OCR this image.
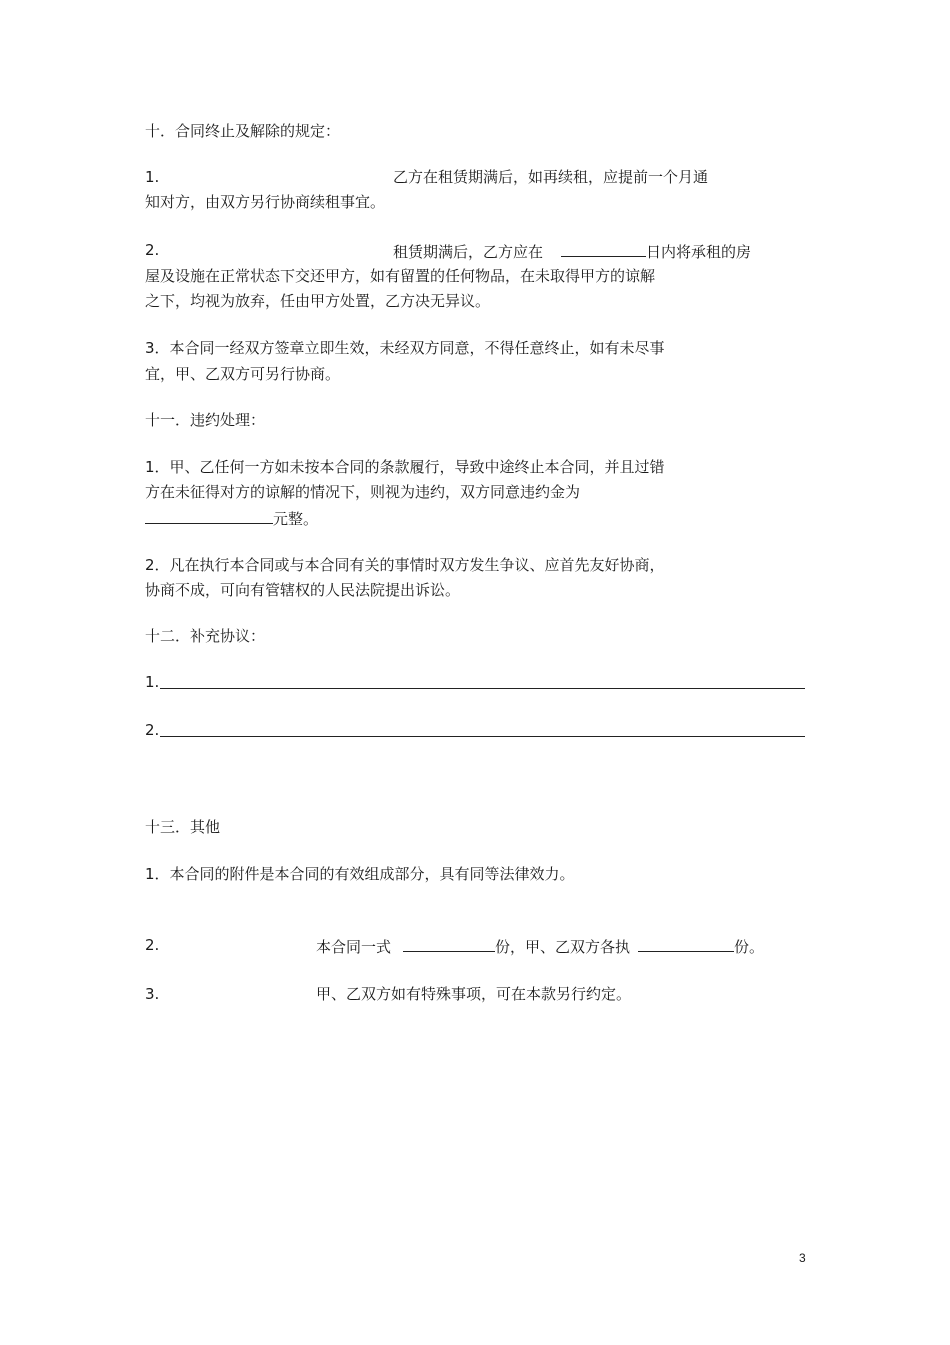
十．合同终止及解除的规定：
1.	乙方在租赁期满后，如再续租，应提前一个月通
知对方，由双方另行协商续租事宜。
2.	租赁期满后，乙方应在	日内将承租的房
屋及设施在正常状态下交还甲方，如有留置的任何物品，在未取得甲方的谅解
之下，均视为放弃，任由甲方处置，乙方决无异议。
3．本合同一经双方签章立即生效，未经双方同意，不得任意终止，如有未尽事
宜，甲、乙双方可另行协商。
十一．违约处理：
1．甲、乙任何一方如未按本合同的条款履行，导致中途终止本合同，并且过错
方在未征得对方的谅解的情况下，则视为违约，双方同意违约金为
元整。
2．凡在执行本合同或与本合同有关的事情时双方发生争议、应首先友好协商，
协商不成，可向有管辖权的人民法院提出诉讼。
十二．补充协议：
1.
2.
十三．其他
1．本合同的附件是本合同的有效组成部分，具有同等法律效力。
2.	本合同一式	份，甲、乙双方各执	份。
3.	甲、乙双方如有特殊事项，可在本款另行约定。
3
